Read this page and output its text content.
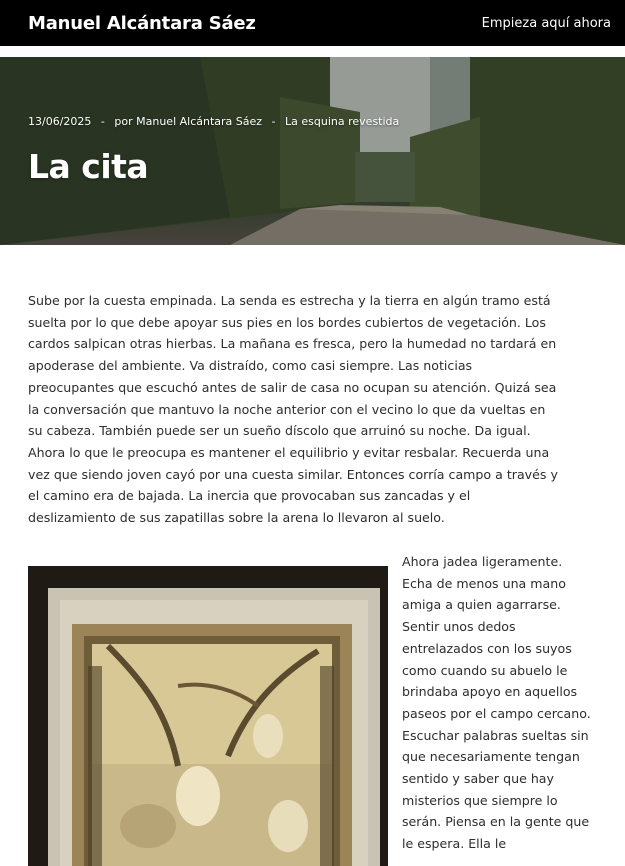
Manuel Alcántara Sáez	Empieza aquí ahora
13/06/2025 - por Manuel Alcántara Sáez - La esquina revestida
La cita

Sube por la cuesta empinada. La senda es estrecha y la tierra en algún tramo está suelta por lo que debe apoyar sus pies en los bordes cubiertos de vegetación. Los cardos salpican otras hierbas. La mañana es fresca, pero la humedad no tardará en apoderase del ambiente. Va distraído, como casi siempre. Las noticias preocupantes que escuchó antes de salir de casa no ocupan su atención. Quizá sea la conversación que mantuvo la noche anterior con el vecino lo que da vueltas en su cabeza. También puede ser un sueño díscolo que arruinó su noche. Da igual. Ahora lo que le preocupa es mantener el equilibrio y evitar resbalar. Recuerda una vez que siendo joven cayó por una cuesta similar. Entonces corría campo a través y el camino era de bajada. La inercia que provocaban sus zancadas y el deslizamiento de sus zapatillas sobre la arena lo llevaron al suelo.

Ahora jadea ligeramente. Echa de menos una mano amiga a quien agarrarse. Sentir unos dedos entrelazados con los suyos como cuando su abuelo le brindaba apoyo en aquellos paseos por el campo cercano. Escuchar palabras sueltas sin que necesariamente tengan sentido y saber que hay misterios que siempre lo serán. Piensa en la gente que le espera. Ella le
